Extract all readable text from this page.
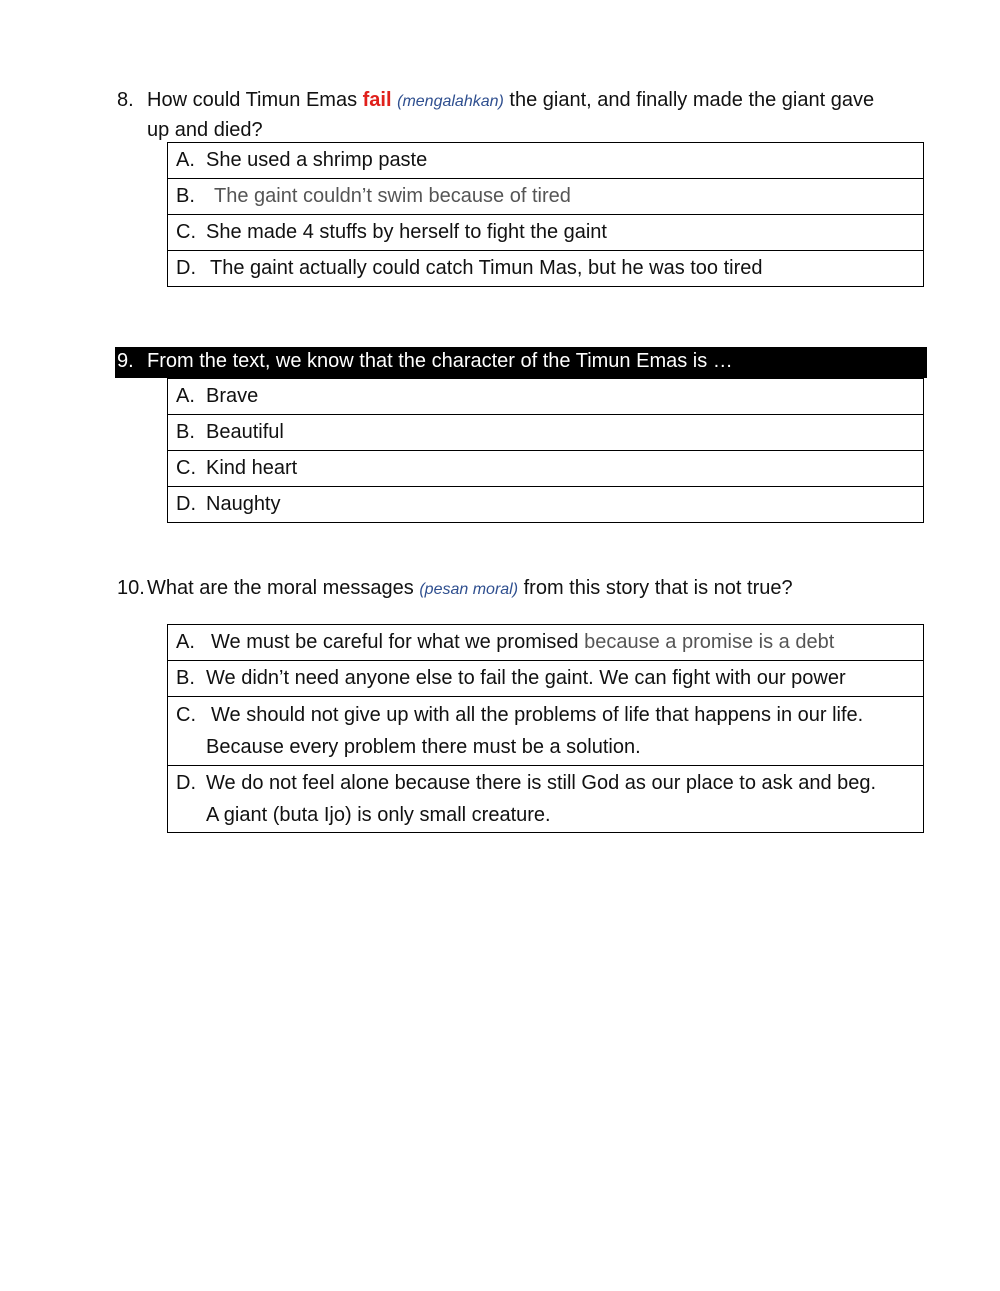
8. How could Timun Emas fail (mengalahkan) the giant, and finally made the giant gave
up and died?
A. She used a shrimp paste
B. The gaint couldn’t swim because of tired
C. She made 4 stuffs by herself to fight the gaint
D. The gaint actually could catch Timun Mas, but he was too tired
9. From the text, we know that the character of the Timun Emas is …
A. Brave
B. Beautiful
C. Kind heart
D. Naughty
10. What are the moral messages (pesan moral) from this story that is not true?
A. We must be careful for what we promised because a promise is a debt
B. We didn’t need anyone else to fail the gaint. We can fight with our power
C. We should not give up with all the problems of life that happens in our life.
Because every problem there must be a solution.

D. We do not feel alone because there is still God as our place to ask and beg.
A giant (buta Ijo) is only small creature.
